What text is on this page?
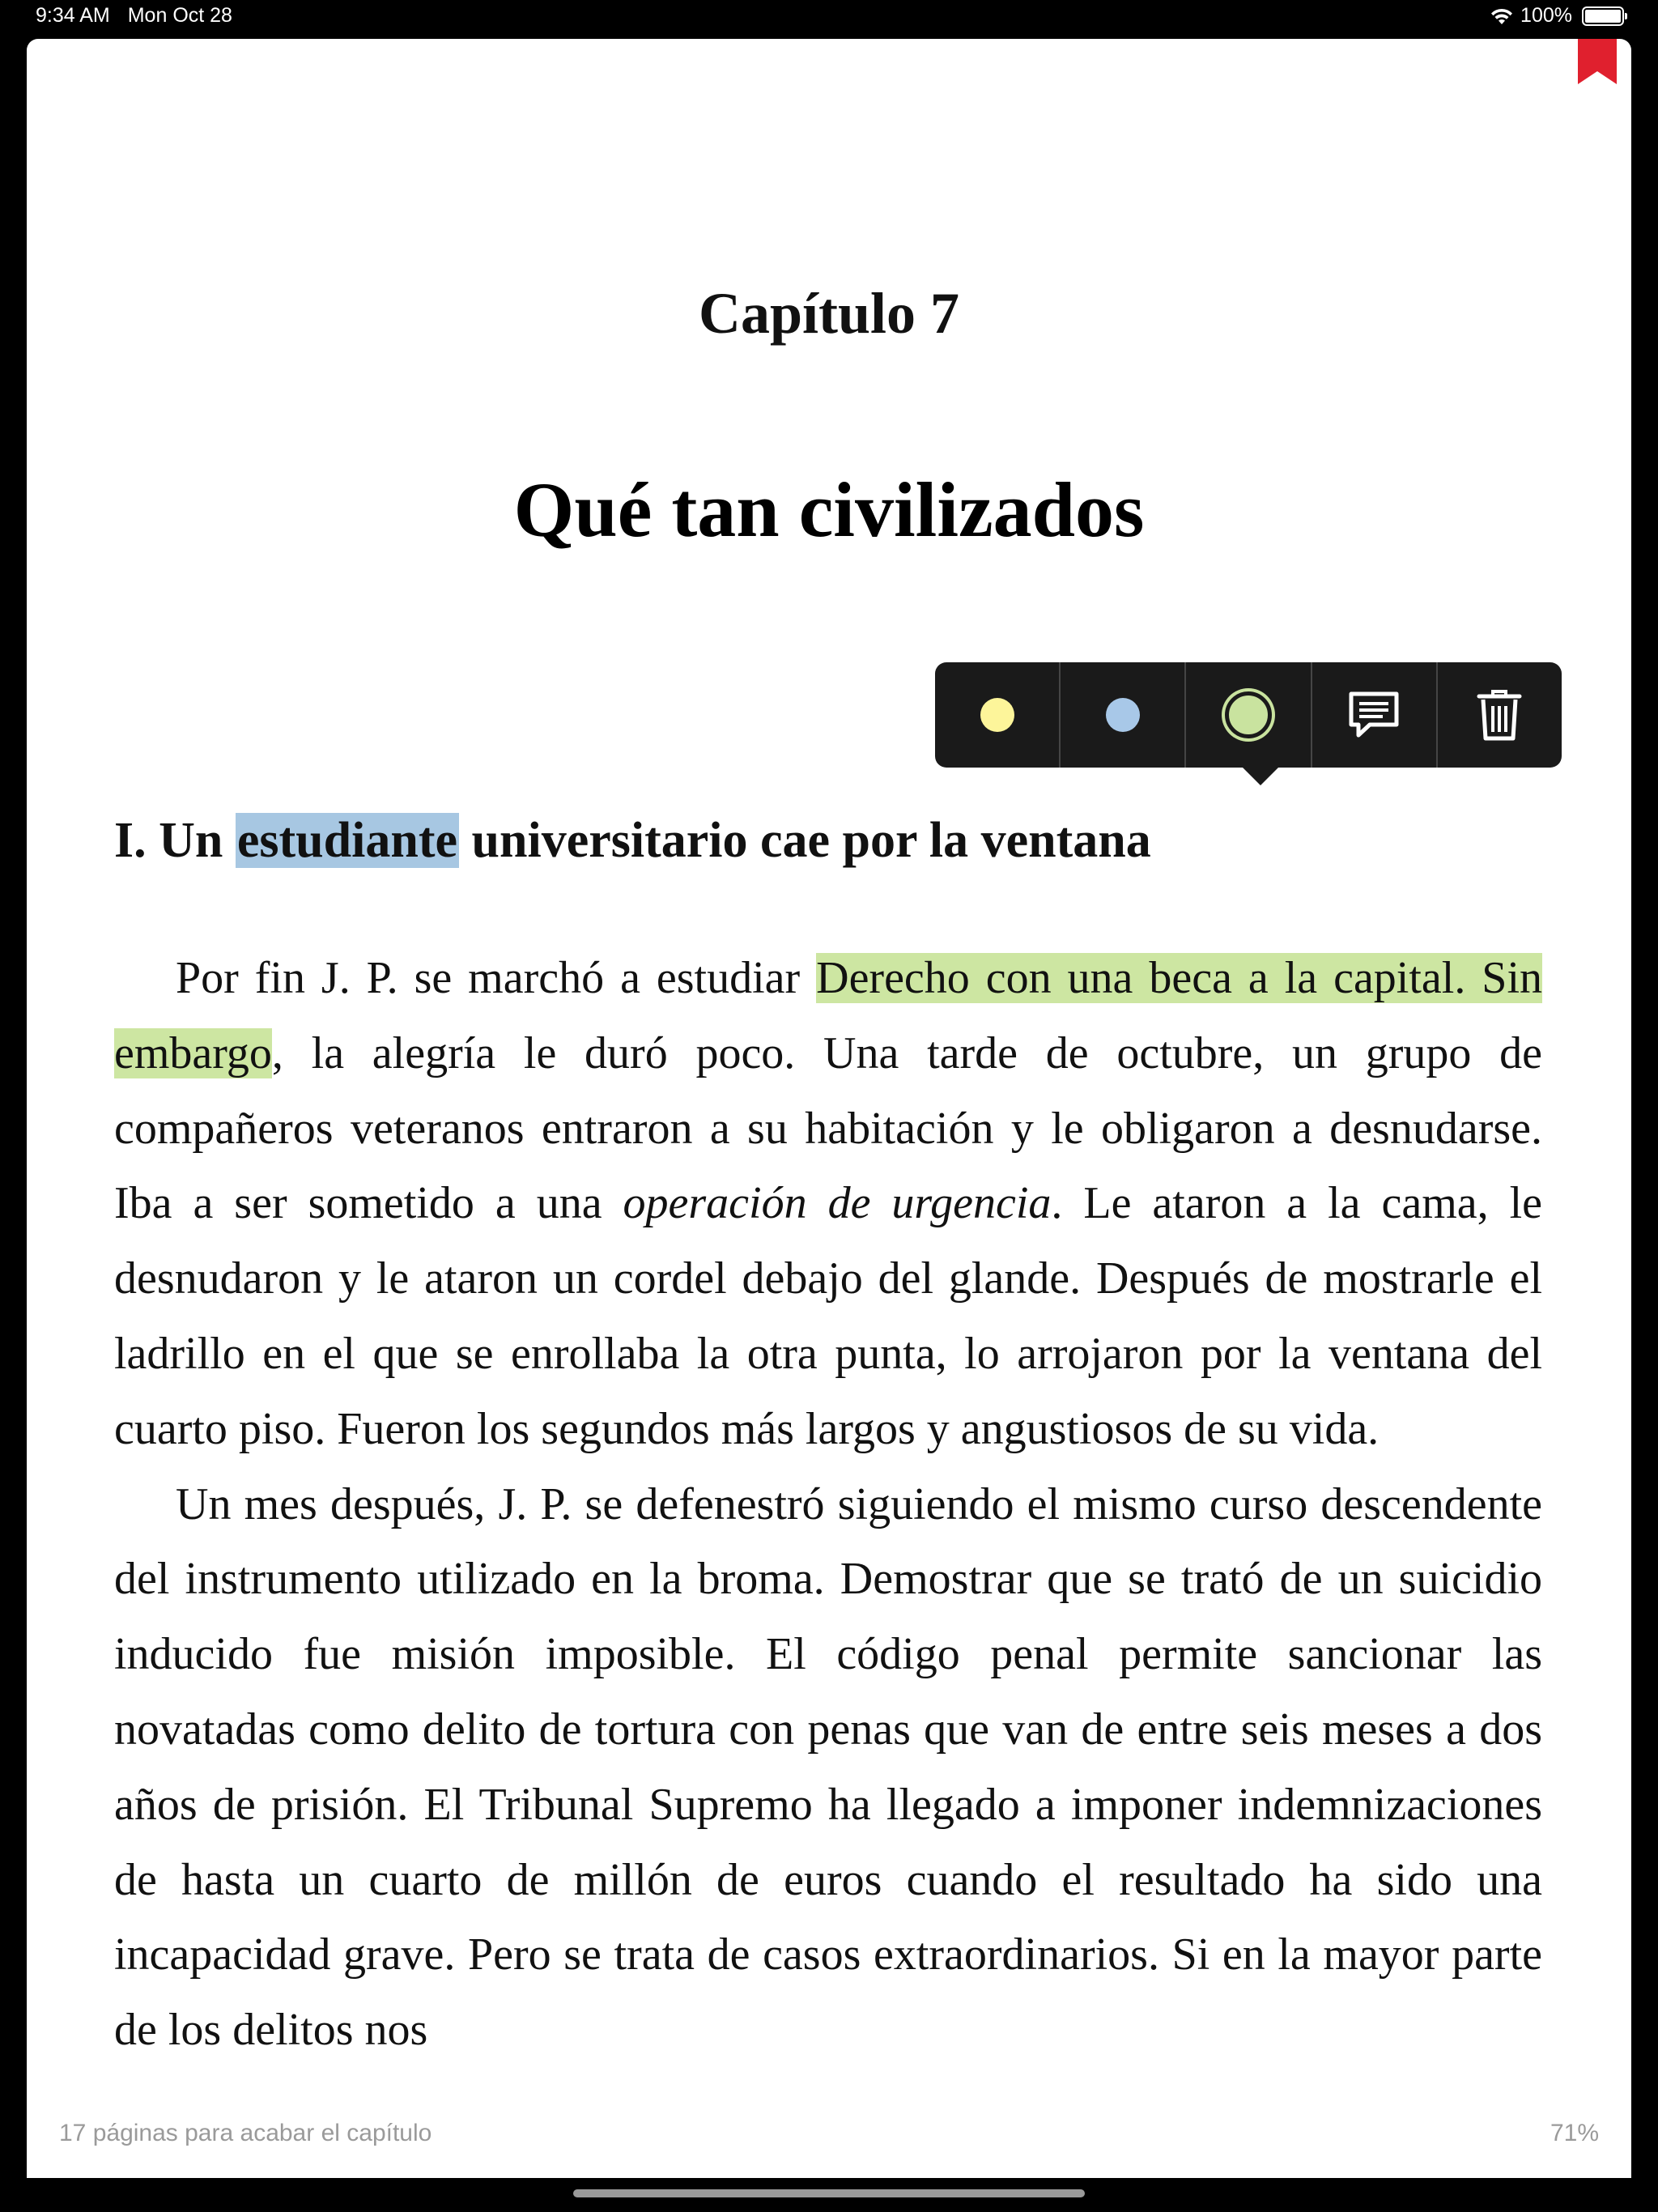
9:34 AM Mon Oct 28	100%
Capítulo 7
Qué tan civilizados
I. Un estudiante universitario cae por la ventana

Por fin J. P. se marchó a estudiar Derecho con una beca a la capital. Sin embargo, la alegría le duró poco. Una tarde de octubre, un grupo de compañeros veteranos entraron a su habitación y le obligaron a desnudarse. Iba a ser sometido a una operación de urgencia. Le ataron a la cama, le desnudaron y le ataron un cordel debajo del glande. Después de mostrarle el ladrillo en el que se enrollaba la otra punta, lo arrojaron por la ventana del cuarto piso. Fueron los segundos más largos y angustiosos de su vida.

Un mes después, J. P. se defenestró siguiendo el mismo curso descendente del instrumento utilizado en la broma. Demostrar que se trató de un suicidio inducido fue misión imposible. El código penal permite sancionar las novatadas como delito de tortura con penas que van de entre seis meses a dos años de prisión. El Tribunal Supremo ha llegado a imponer indemnizaciones de hasta un cuarto de millón de euros cuando el resultado ha sido una incapacidad grave. Pero se trata de casos extraordinarios. Si en la mayor parte de los delitos nos

17 páginas para acabar el capítulo	71%
